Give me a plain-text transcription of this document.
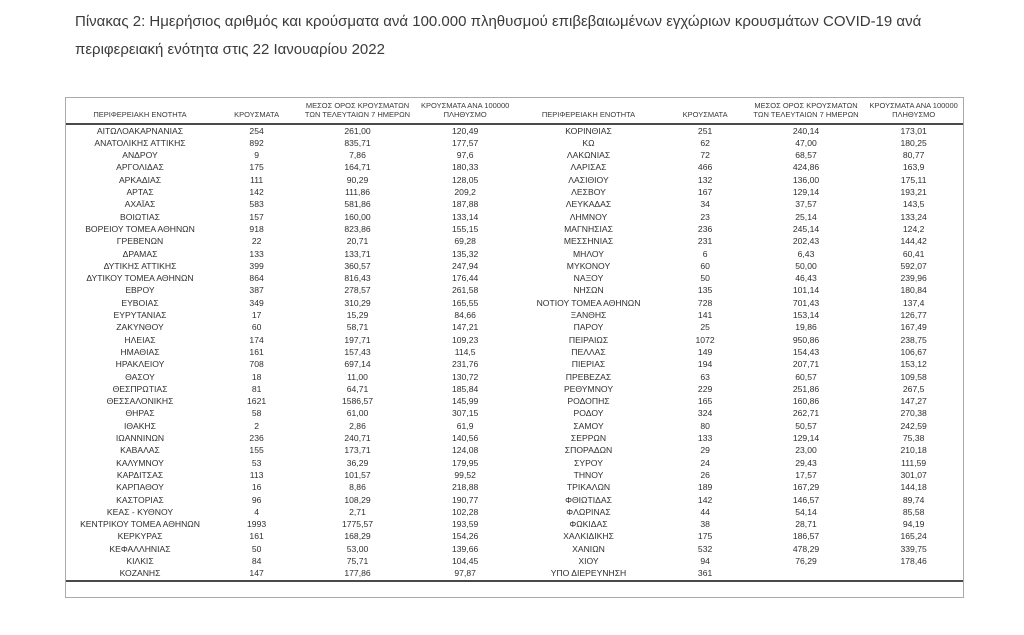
Πίνακας 2: Ημερήσιος αριθμός και κρούσματα ανά 100.000 πληθυσμού επιβεβαιωμένων εγχώριων κρουσμάτων COVID-19 ανά περιφερειακή ενότητα στις 22 Ιανουαρίου 2022
ΠΕΡΙΦΕΡΕΙΑΚΗ ΕΝΟΤΗΤΑ	ΚΡΟΥΣΜΑΤΑ	ΜΕΣΟΣ ΟΡΟΣ ΚΡΟΥΣΜΑΤΩΝ ΤΩΝ ΤΕΛΕΥΤΑΙΩΝ 7 ΗΜΕΡΩΝ	ΚΡΟΥΣΜΑΤΑ ΑΝΑ 100000 ΠΛΗΘΥΣΜΟ
ΑΙΤΩΛΟΑΚΑΡΝΑΝΙΑΣ	254	261,00	120,49
ΑΝΑΤΟΛΙΚΗΣ ΑΤΤΙΚΗΣ	892	835,71	177,57
ΑΝΔΡΟΥ	9	7,86	97,6
ΑΡΓΟΛΙΔΑΣ	175	164,71	180,33
ΑΡΚΑΔΙΑΣ	111	90,29	128,05
ΑΡΤΑΣ	142	111,86	209,2
ΑΧΑΪΑΣ	583	581,86	187,88
ΒΟΙΩΤΙΑΣ	157	160,00	133,14
ΒΟΡΕΙΟΥ ΤΟΜΕΑ ΑΘΗΝΩΝ	918	823,86	155,15
ΓΡΕΒΕΝΩΝ	22	20,71	69,28
ΔΡΑΜΑΣ	133	133,71	135,32
ΔΥΤΙΚΗΣ ΑΤΤΙΚΗΣ	399	360,57	247,94
ΔΥΤΙΚΟΥ ΤΟΜΕΑ ΑΘΗΝΩΝ	864	816,43	176,44
ΕΒΡΟΥ	387	278,57	261,58
ΕΥΒΟΙΑΣ	349	310,29	165,55
ΕΥΡΥΤΑΝΙΑΣ	17	15,29	84,66
ΖΑΚΥΝΘΟΥ	60	58,71	147,21
ΗΛΕΙΑΣ	174	197,71	109,23
ΗΜΑΘΙΑΣ	161	157,43	114,5
ΗΡΑΚΛΕΙΟΥ	708	697,14	231,76
ΘΑΣΟΥ	18	11,00	130,72
ΘΕΣΠΡΩΤΙΑΣ	81	64,71	185,84
ΘΕΣΣΑΛΟΝΙΚΗΣ	1621	1586,57	145,99
ΘΗΡΑΣ	58	61,00	307,15
ΙΘΑΚΗΣ	2	2,86	61,9
ΙΩΑΝΝΙΝΩΝ	236	240,71	140,56
ΚΑΒΑΛΑΣ	155	173,71	124,08
ΚΑΛΥΜΝΟΥ	53	36,29	179,95
ΚΑΡΔΙΤΣΑΣ	113	101,57	99,52
ΚΑΡΠΑΘΟΥ	16	8,86	218,88
ΚΑΣΤΟΡΙΑΣ	96	108,29	190,77
ΚΕΑΣ - ΚΥΘΝΟΥ	4	2,71	102,28
ΚΕΝΤΡΙΚΟΥ ΤΟΜΕΑ ΑΘΗΝΩΝ	1993	1775,57	193,59
ΚΕΡΚΥΡΑΣ	161	168,29	154,26
ΚΕΦΑΛΛΗΝΙΑΣ	50	53,00	139,66
ΚΙΛΚΙΣ	84	75,71	104,45
ΚΟΖΑΝΗΣ	147	177,86	97,87
ΠΕΡΙΦΕΡΕΙΑΚΗ ΕΝΟΤΗΤΑ	ΚΡΟΥΣΜΑΤΑ	ΜΕΣΟΣ ΟΡΟΣ ΚΡΟΥΣΜΑΤΩΝ ΤΩΝ ΤΕΛΕΥΤΑΙΩΝ 7 ΗΜΕΡΩΝ	ΚΡΟΥΣΜΑΤΑ ΑΝΑ 100000 ΠΛΗΘΥΣΜΟ
ΚΟΡΙΝΘΙΑΣ	251	240,14	173,01
ΚΩ	62	47,00	180,25
ΛΑΚΩΝΙΑΣ	72	68,57	80,77
ΛΑΡΙΣΑΣ	466	424,86	163,9
ΛΑΣΙΘΙΟΥ	132	136,00	175,11
ΛΕΣΒΟΥ	167	129,14	193,21
ΛΕΥΚΑΔΑΣ	34	37,57	143,5
ΛΗΜΝΟΥ	23	25,14	133,24
ΜΑΓΝΗΣΙΑΣ	236	245,14	124,2
ΜΕΣΣΗΝΙΑΣ	231	202,43	144,42
ΜΗΛΟΥ	6	6,43	60,41
ΜΥΚΟΝΟΥ	60	50,00	592,07
ΝΑΞΟΥ	50	46,43	239,96
ΝΗΣΩΝ	135	101,14	180,84
ΝΟΤΙΟΥ ΤΟΜΕΑ ΑΘΗΝΩΝ	728	701,43	137,4
ΞΑΝΘΗΣ	141	153,14	126,77
ΠΑΡΟΥ	25	19,86	167,49
ΠΕΙΡΑΙΩΣ	1072	950,86	238,75
ΠΕΛΛΑΣ	149	154,43	106,67
ΠΙΕΡΙΑΣ	194	207,71	153,12
ΠΡΕΒΕΖΑΣ	63	60,57	109,58
ΡΕΘΥΜΝΟΥ	229	251,86	267,5
ΡΟΔΟΠΗΣ	165	160,86	147,27
ΡΟΔΟΥ	324	262,71	270,38
ΣΑΜΟΥ	80	50,57	242,59
ΣΕΡΡΩΝ	133	129,14	75,38
ΣΠΟΡΑΔΩΝ	29	23,00	210,18
ΣΥΡΟΥ	24	29,43	111,59
ΤΗΝΟΥ	26	17,57	301,07
ΤΡΙΚΑΛΩΝ	189	167,29	144,18
ΦΘΙΩΤΙΔΑΣ	142	146,57	89,74
ΦΛΩΡΙΝΑΣ	44	54,14	85,58
ΦΩΚΙΔΑΣ	38	28,71	94,19
ΧΑΛΚΙΔΙΚΗΣ	175	186,57	165,24
ΧΑΝΙΩΝ	532	478,29	339,75
ΧΙΟΥ	94	76,29	178,46
ΥΠΟ ΔΙΕΡΕΥΝΗΣΗ	361		
